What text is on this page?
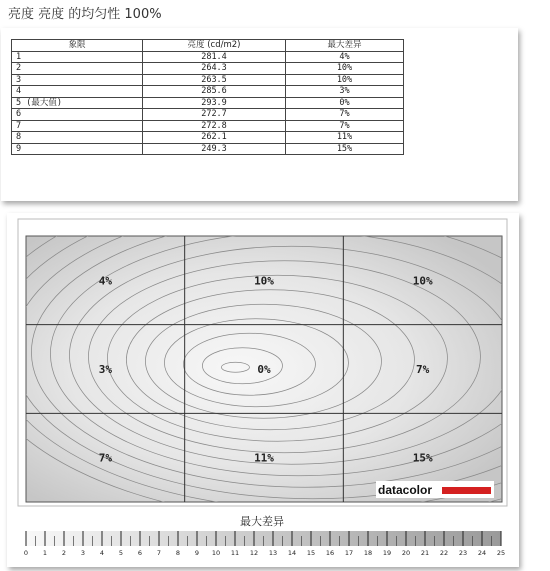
亮度 亮度 的均匀性 100%
象限	亮度 (cd/m2)	最大差异
1	281.4	4%
2	264.3	10%
3	263.5	10%
4	285.6	3%
5 (最大值)	293.9	0%
6	272.7	7%
7	272.8	7%
8	262.1	11%
9	249.3	15%
4%	10%	10%
3%	0%	7%
7%	11%	15%
datacolor
最大差异
0 1 2 3 4 5 6 7 8 9 10 11 12 13 14 15 16 17 18 19 20 21 22 23 24 25
